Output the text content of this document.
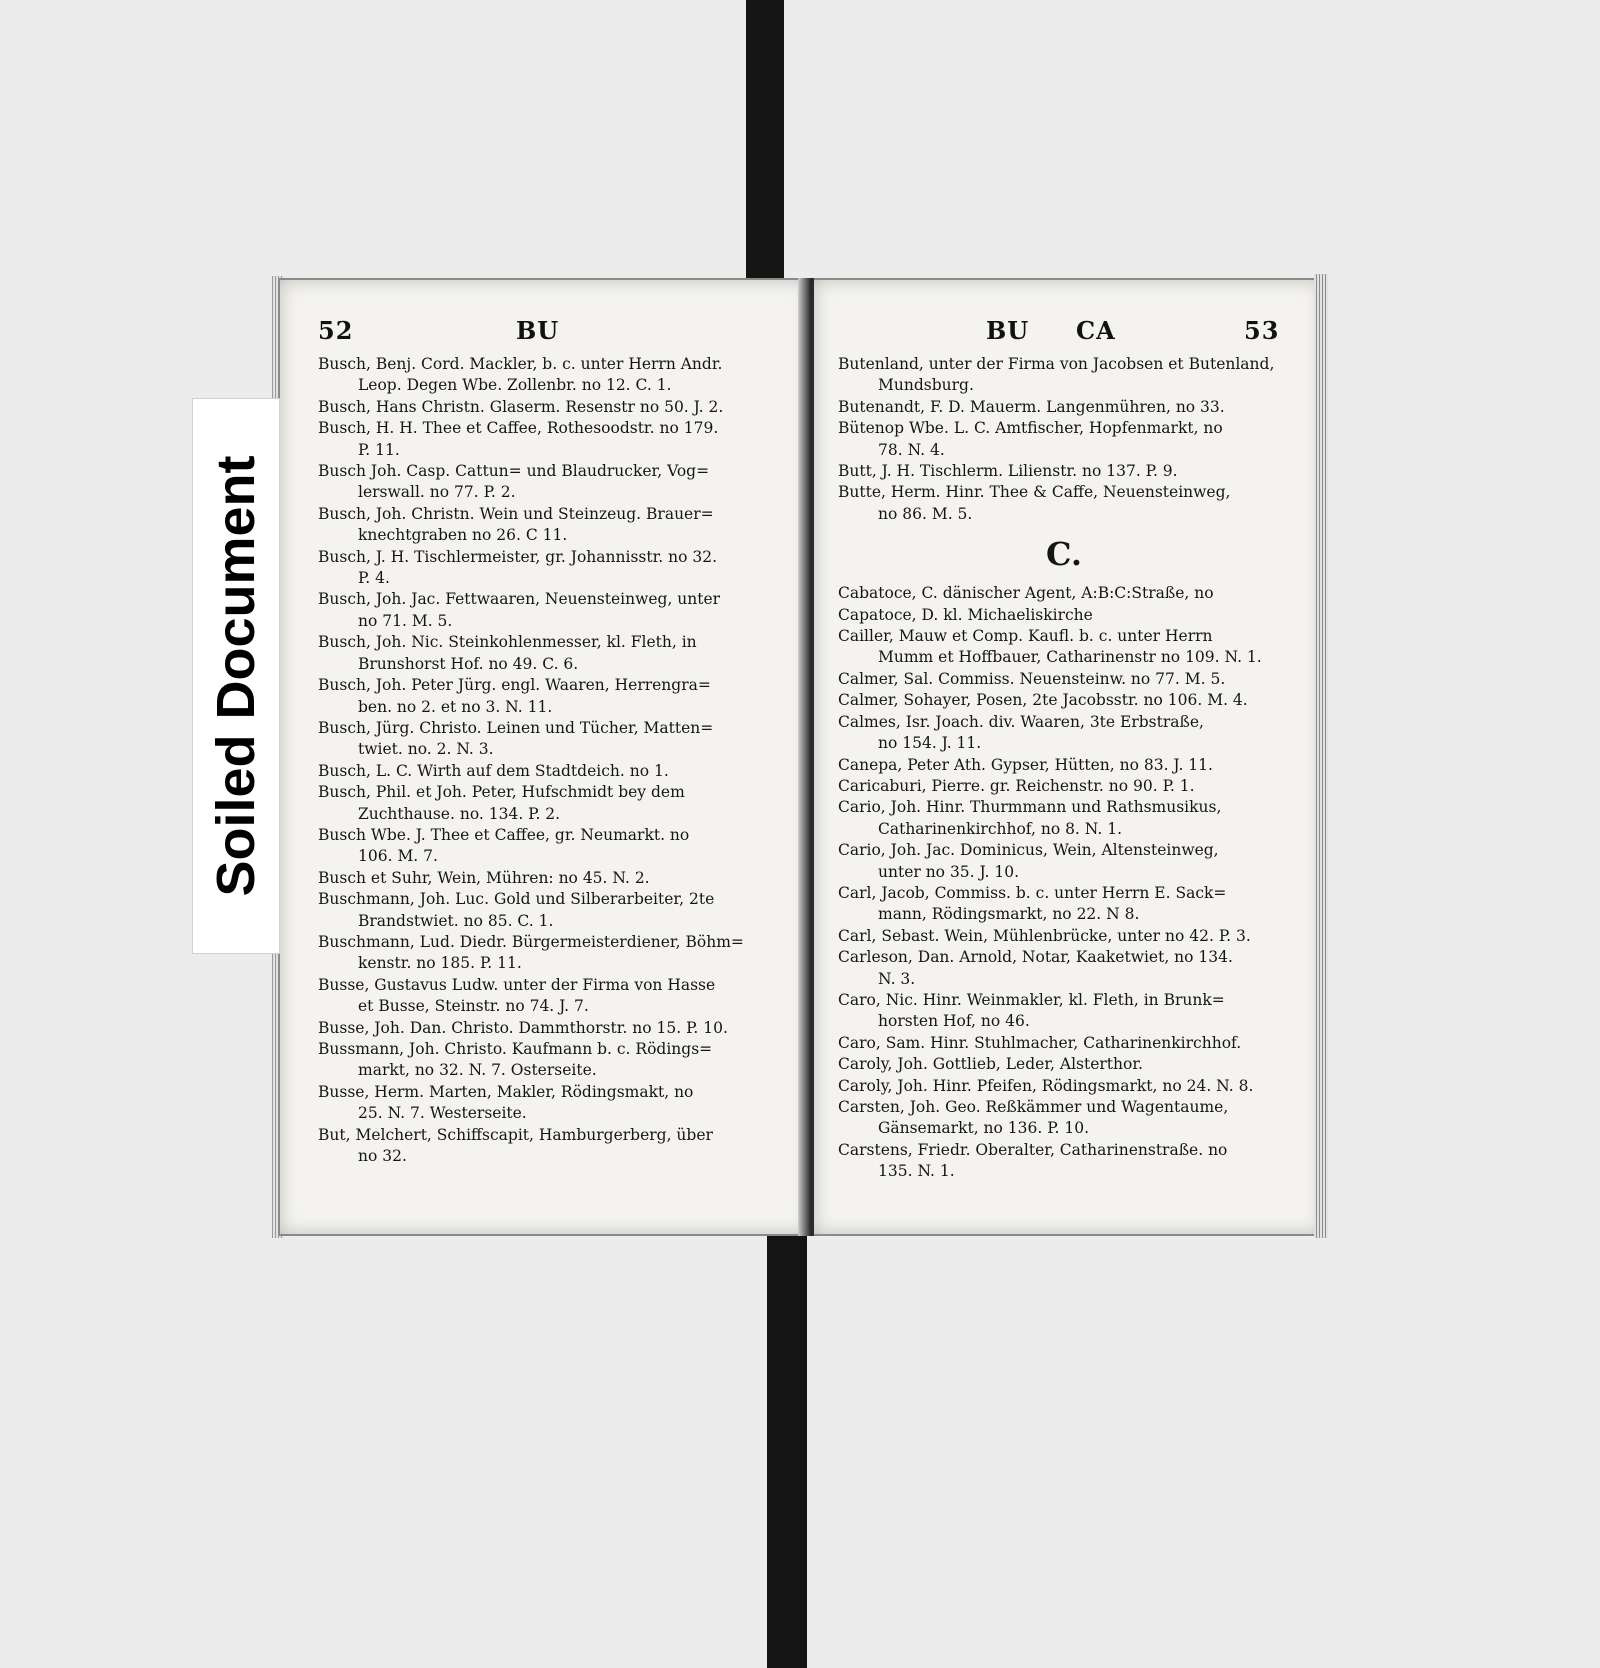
52	BU
Busch, Benj. Cord. Mackler, b. c. unter Herrn Andr.
Leop. Degen Wbe. Zollenbr. no 12. C. 1.
Busch, Hans Christn. Glaserm. Resenstr no 50. J. 2.
Busch, H. H. Thee et Caffee, Rothesoodstr. no 179.
P. 11.
Busch Joh. Casp. Cattun= und Blaudrucker, Vog=
lerswall. no 77. P. 2.
Busch, Joh. Christn. Wein und Steinzeug. Brauer=
knechtgraben no 26. C 11.
Busch, J. H. Tischlermeister, gr. Johannisstr. no 32.
P. 4.
Busch, Joh. Jac. Fettwaaren, Neuensteinweg, unter
no 71. M. 5.
Busch, Joh. Nic. Steinkohlenmesser, kl. Fleth, in
Brunshorst Hof. no 49. C. 6.
Busch, Joh. Peter Jürg. engl. Waaren, Herrengra=
ben. no 2. et no 3. N. 11.
Busch, Jürg. Christo. Leinen und Tücher, Matten=
twiet. no. 2. N. 3.
Busch, L. C. Wirth auf dem Stadtdeich. no 1.
Busch, Phil. et Joh. Peter, Hufschmidt bey dem
Zuchthause. no. 134. P. 2.
Busch Wbe. J. Thee et Caffee, gr. Neumarkt. no
106. M. 7.
Busch et Suhr, Wein, Mühren: no 45. N. 2.
Buschmann, Joh. Luc. Gold und Silberarbeiter, 2te
Brandstwiet. no 85. C. 1.
Buschmann, Lud. Diedr. Bürgermeisterdiener, Böhm=
kenstr. no 185. P. 11.
Busse, Gustavus Ludw. unter der Firma von Hasse
et Busse, Steinstr. no 74. J. 7.
Busse, Joh. Dan. Christo. Dammthorstr. no 15. P. 10.
Bussmann, Joh. Christo. Kaufmann b. c. Rödings=
markt, no 32. N. 7. Osterseite.
Busse, Herm. Marten, Makler, Rödingsmakt, no
25. N. 7. Westerseite.
But, Melchert, Schiffscapit, Hamburgerberg, über
no 32.
BU CA	53
Butenland, unter der Firma von Jacobsen et Butenland,
Mundsburg.
Butenandt, F. D. Mauerm. Langenmühren, no 33.
Bütenop Wbe. L. C. Amtfischer, Hopfenmarkt, no
78. N. 4.
Butt, J. H. Tischlerm. Lilienstr. no 137. P. 9.
Butte, Herm. Hinr. Thee & Caffe, Neuensteinweg,
no 86. M. 5.
C.
Cabatoce, C. dänischer Agent, A:B:C:Straße, no
Capatoce, D. kl. Michaeliskirche
Cailler, Mauw et Comp. Kaufl. b. c. unter Herrn
Mumm et Hoffbauer, Catharinenstr no 109. N. 1.
Calmer, Sal. Commiss. Neuensteinw. no 77. M. 5.
Calmer, Sohayer, Posen, 2te Jacobsstr. no 106. M. 4.
Calmes, Isr. Joach. div. Waaren, 3te Erbstraße,
no 154. J. 11.
Canepa, Peter Ath. Gypser, Hütten, no 83. J. 11.
Caricaburi, Pierre. gr. Reichenstr. no 90. P. 1.
Cario, Joh. Hinr. Thurmmann und Rathsmusikus,
Catharinenkirchhof, no 8. N. 1.
Cario, Joh. Jac. Dominicus, Wein, Altensteinweg,
unter no 35. J. 10.
Carl, Jacob, Commiss. b. c. unter Herrn E. Sack=
mann, Rödingsmarkt, no 22. N 8.
Carl, Sebast. Wein, Mühlenbrücke, unter no 42. P. 3.
Carleson, Dan. Arnold, Notar, Kaaketwiet, no 134.
N. 3.
Caro, Nic. Hinr. Weinmakler, kl. Fleth, in Brunk=
horsten Hof, no 46.
Caro, Sam. Hinr. Stuhlmacher, Catharinenkirchhof.
Caroly, Joh. Gottlieb, Leder, Alsterthor.
Caroly, Joh. Hinr. Pfeifen, Rödingsmarkt, no 24. N. 8.
Carsten, Joh. Geo. Reßkämmer und Wagentaume,
Gänsemarkt, no 136. P. 10.
Carstens, Friedr. Oberalter, Catharinenstraße. no
135. N. 1.
Soiled Document
